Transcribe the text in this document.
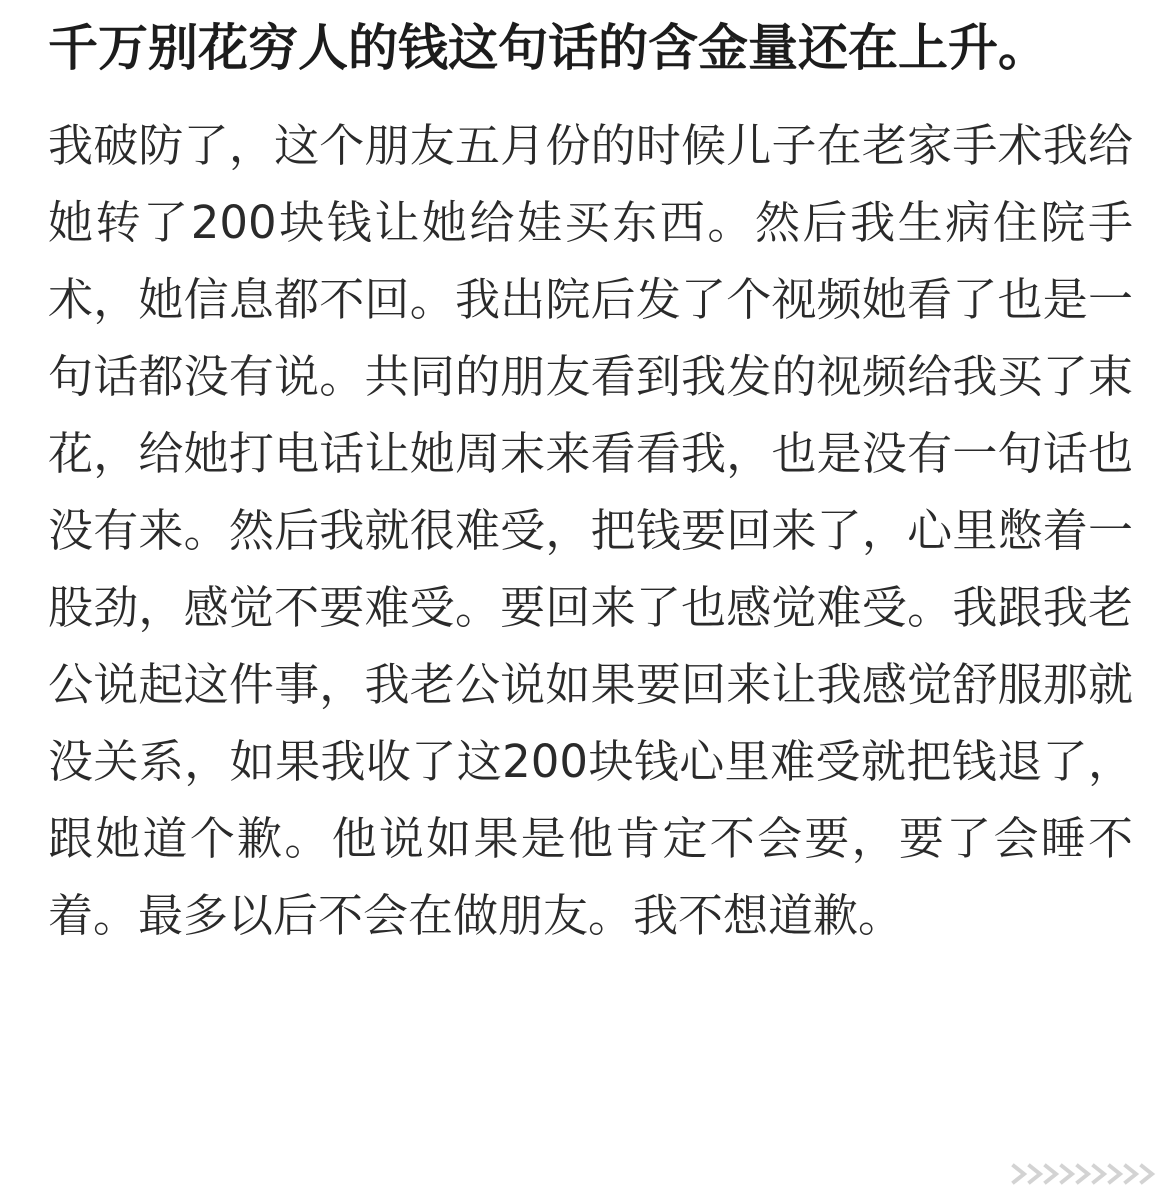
千万别花穷人的钱这句话的含金量还在上升。

我破防了，这个朋友五月份的时候儿子在老家手术我给她转了200块钱让她给娃买东西。然后我生病住院手术，她信息都不回。我出院后发了个视频她看了也是一句话都没有说。共同的朋友看到我发的视频给我买了束花，给她打电话让她周末来看看我，也是没有一句话也没有来。然后我就很难受，把钱要回来了，心里憋着一股劲，感觉不要难受。要回来了也感觉难受。我跟我老公说起这件事，我老公说如果要回来让我感觉舒服那就没关系，如果我收了这200块钱心里难受就把钱退了，跟她道个歉。他说如果是他肯定不会要，要了会睡不着。最多以后不会在做朋友。我不想道歉。
